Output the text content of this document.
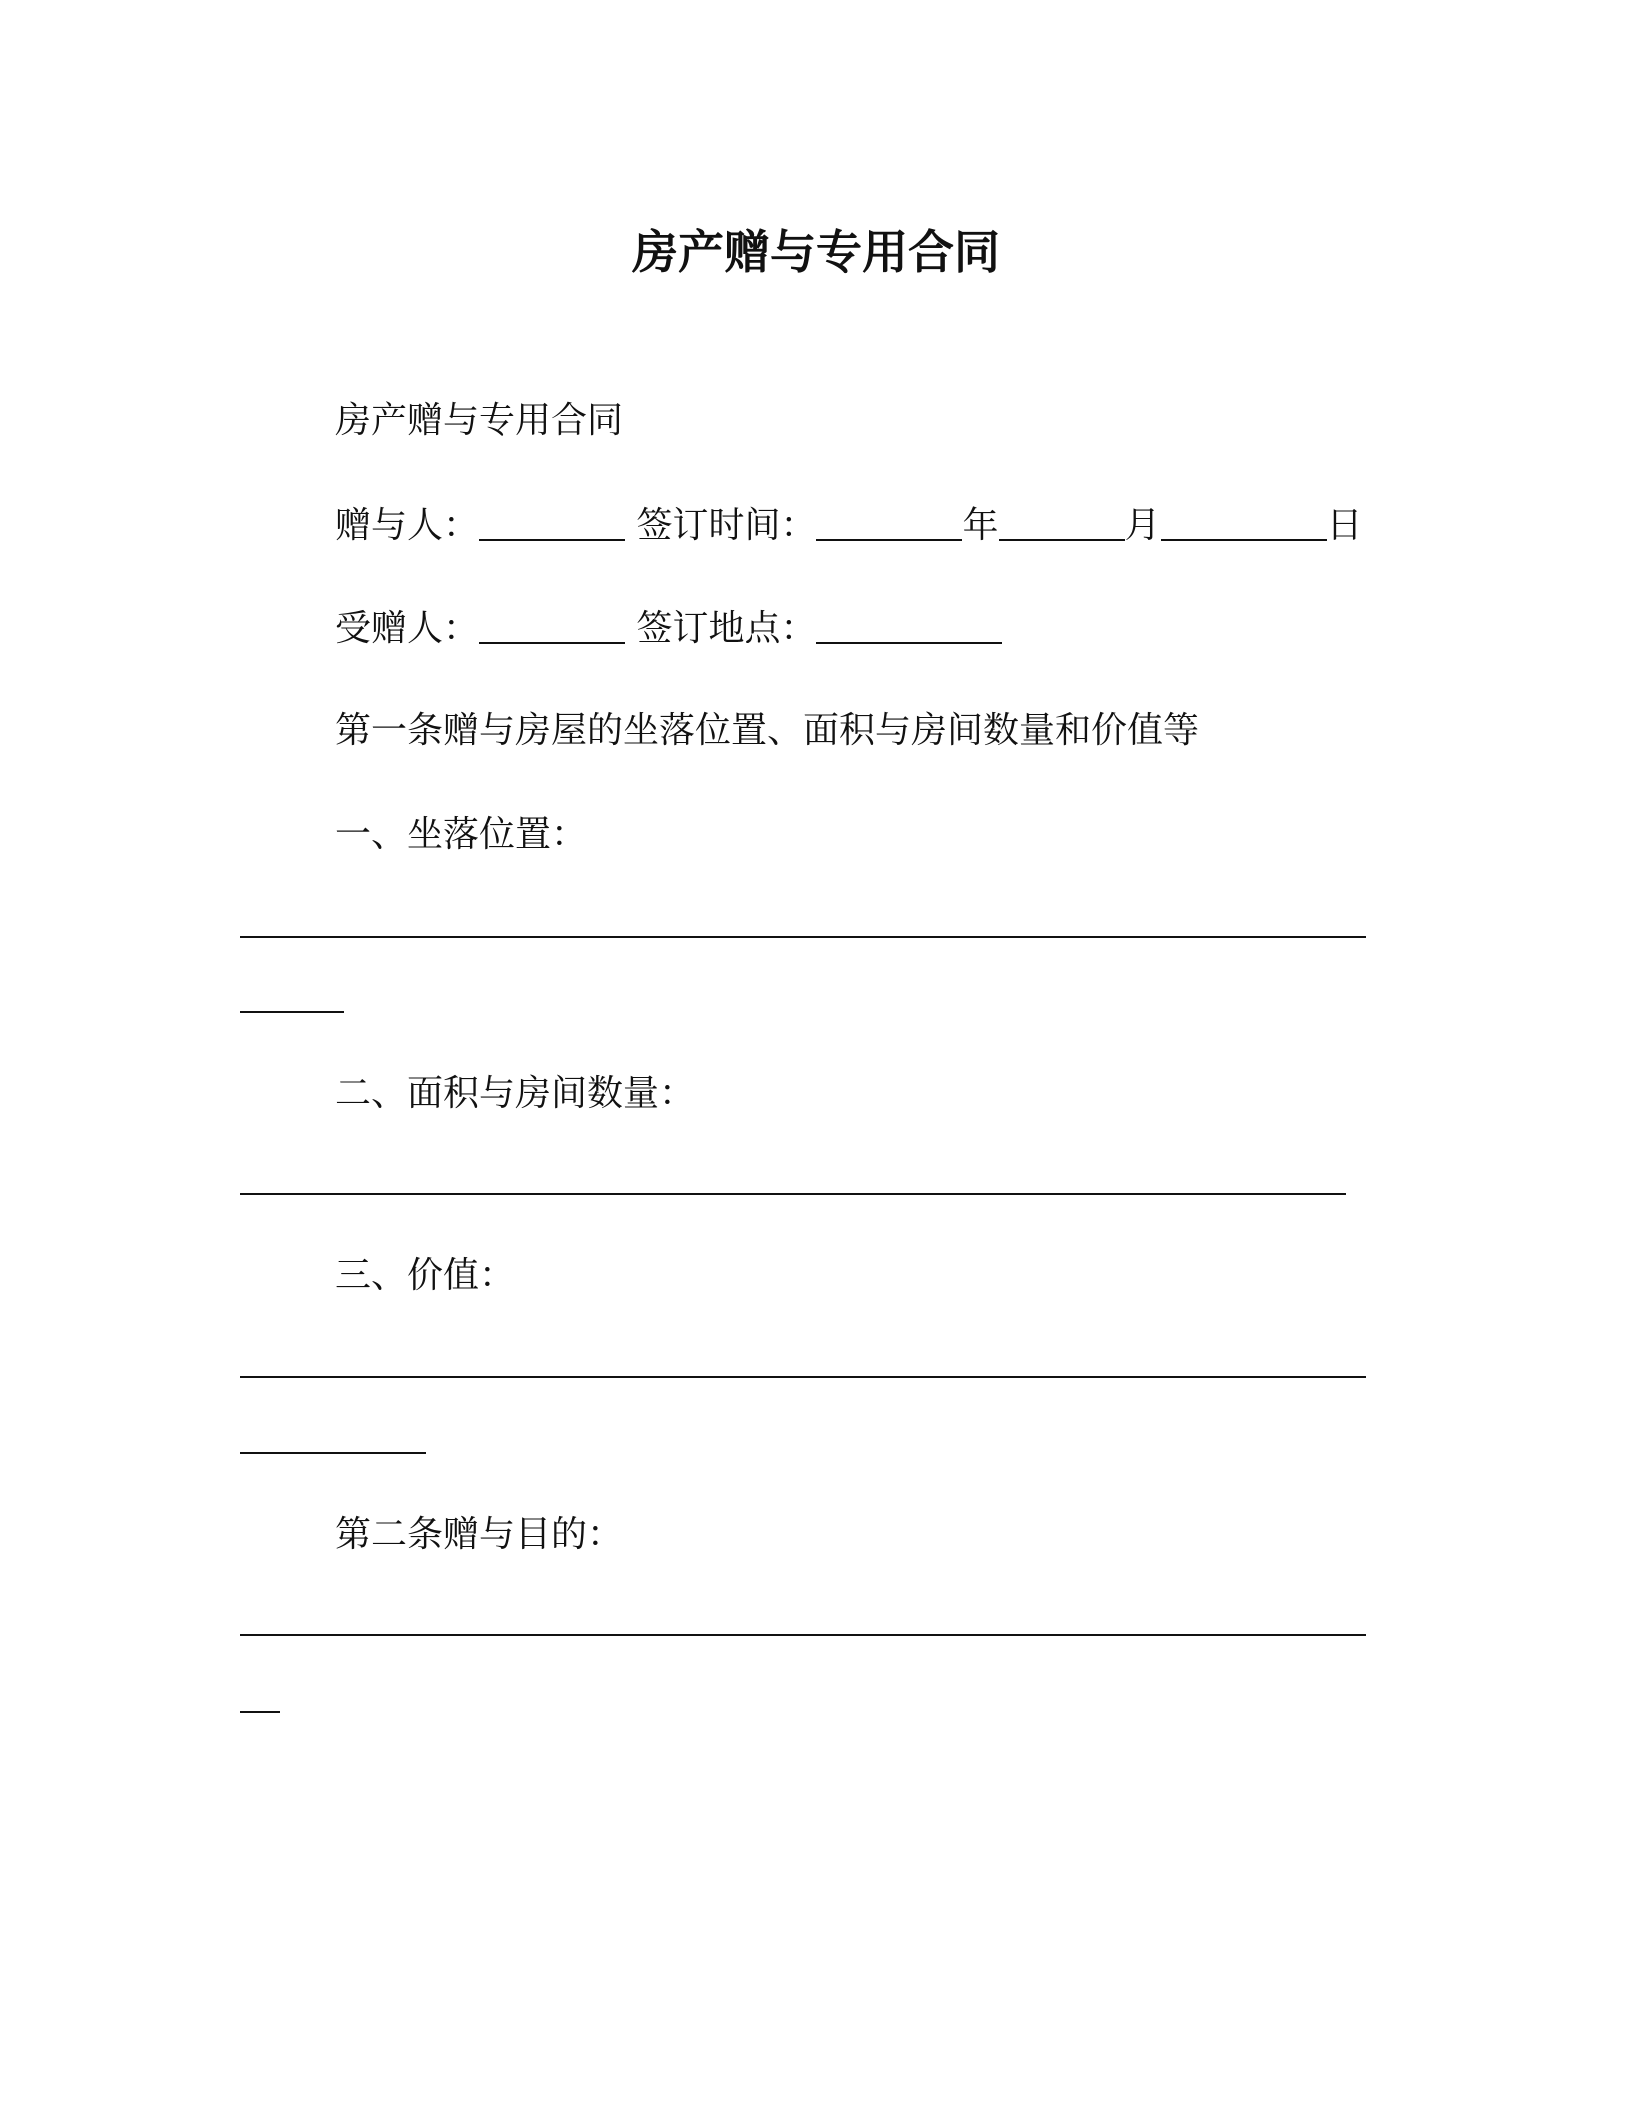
房产赠与专用合同
房产赠与专用合同
赠与人：	签订时间：	年	月	日
受赠人：	签订地点：
第一条赠与房屋的坐落位置、面积与房间数量和价值等
一、坐落位置：
二、面积与房间数量：
三、价值：
第二条赠与目的：
